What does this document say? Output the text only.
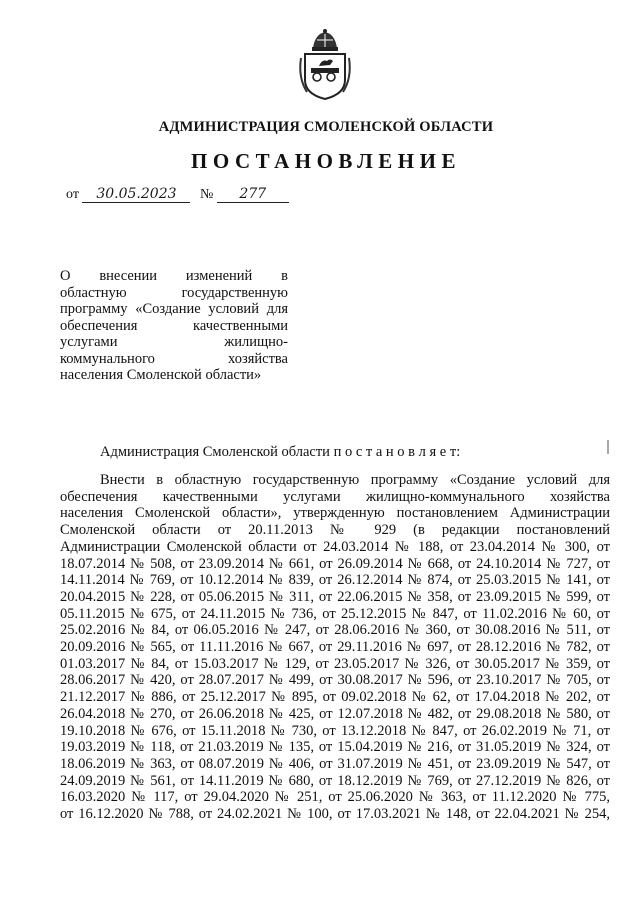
АДМИНИСТРАЦИЯ СМОЛЕНСКОЙ ОБЛАСТИ
ПОСТАНОВЛЕНИЕ
от 30.05.2023 № 277
О внесении изменений в
областную государственную
программу «Создание условий для
обеспечения качественными
услугами жилищно-
коммунального хозяйства
населения Смоленской области»
Администрация Смоленской области п о с т а н о в л я е т:
Внести в областную государственную программу «Создание условий для
обеспечения качественными услугами жилищно-коммунального хозяйства
населения Смоленской области», утвержденную постановлением Администрации
Смоленской области от 20.11.2013 № 929 (в редакции постановлений
Администрации Смоленской области от 24.03.2014 № 188, от 23.04.2014 № 300, от
18.07.2014 № 508, от 23.09.2014 № 661, от 26.09.2014 № 668, от 24.10.2014 № 727, от
14.11.2014 № 769, от 10.12.2014 № 839, от 26.12.2014 № 874, от 25.03.2015 № 141, от
20.04.2015 № 228, от 05.06.2015 № 311, от 22.06.2015 № 358, от 23.09.2015 № 599, от
05.11.2015 № 675, от 24.11.2015 № 736, от 25.12.2015 № 847, от 11.02.2016 № 60, от
25.02.2016 № 84, от 06.05.2016 № 247, от 28.06.2016 № 360, от 30.08.2016 № 511, от
20.09.2016 № 565, от 11.11.2016 № 667, от 29.11.2016 № 697, от 28.12.2016 № 782, от
01.03.2017 № 84, от 15.03.2017 № 129, от 23.05.2017 № 326, от 30.05.2017 № 359, от
28.06.2017 № 420, от 28.07.2017 № 499, от 30.08.2017 № 596, от 23.10.2017 № 705, от
21.12.2017 № 886, от 25.12.2017 № 895, от 09.02.2018 № 62, от 17.04.2018 № 202, от
26.04.2018 № 270, от 26.06.2018 № 425, от 12.07.2018 № 482, от 29.08.2018 № 580, от
19.10.2018 № 676, от 15.11.2018 № 730, от 13.12.2018 № 847, от 26.02.2019 № 71, от
19.03.2019 № 118, от 21.03.2019 № 135, от 15.04.2019 № 216, от 31.05.2019 № 324, от
18.06.2019 № 363, от 08.07.2019 № 406, от 31.07.2019 № 451, от 23.09.2019 № 547, от
24.09.2019 № 561, от 14.11.2019 № 680, от 18.12.2019 № 769, от 27.12.2019 № 826, от
16.03.2020 № 117, от 29.04.2020 № 251, от 25.06.2020 № 363, от 11.12.2020 № 775,
от 16.12.2020 № 788, от 24.02.2021 № 100, от 17.03.2021 № 148, от 22.04.2021 № 254,
